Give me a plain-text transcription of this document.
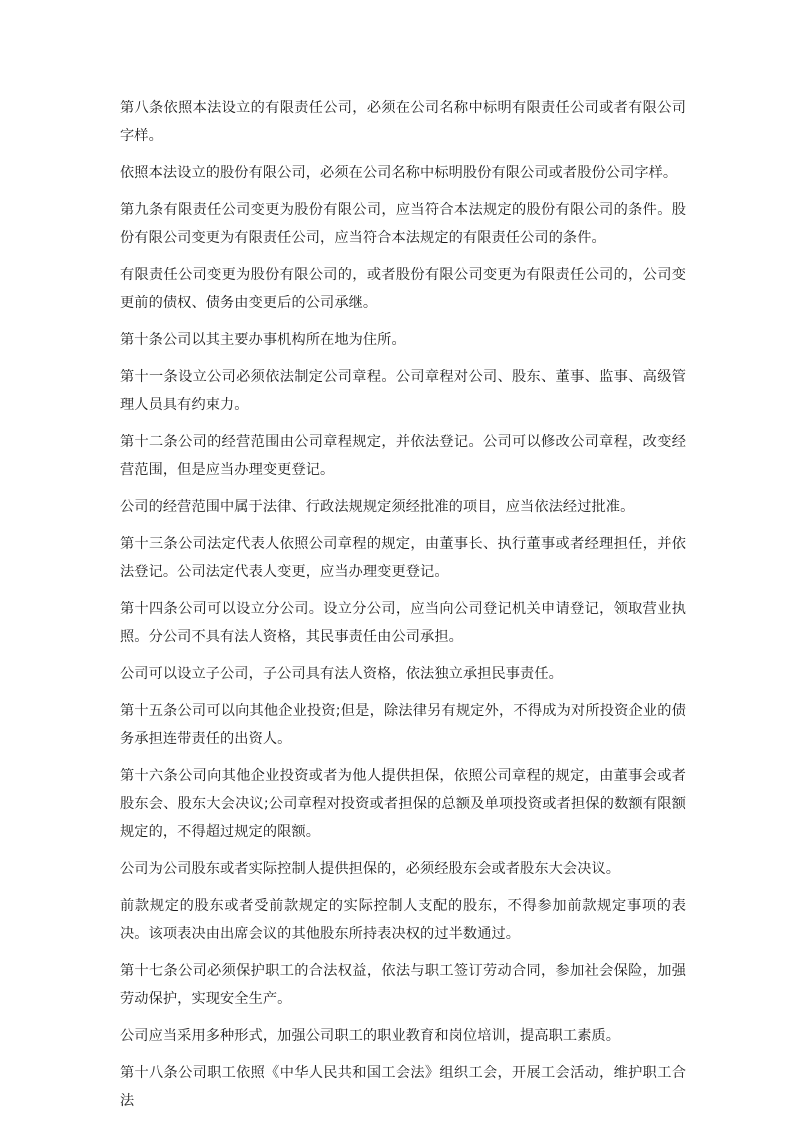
第八条依照本法设立的有限责任公司，必须在公司名称中标明有限责任公司或者有限公司字样。

依照本法设立的股份有限公司，必须在公司名称中标明股份有限公司或者股份公司字样。

第九条有限责任公司变更为股份有限公司，应当符合本法规定的股份有限公司的条件。股份有限公司变更为有限责任公司，应当符合本法规定的有限责任公司的条件。

有限责任公司变更为股份有限公司的，或者股份有限公司变更为有限责任公司的，公司变更前的债权、债务由变更后的公司承继。

第十条公司以其主要办事机构所在地为住所。

第十一条设立公司必须依法制定公司章程。公司章程对公司、股东、董事、监事、高级管理人员具有约束力。

第十二条公司的经营范围由公司章程规定，并依法登记。公司可以修改公司章程，改变经营范围，但是应当办理变更登记。

公司的经营范围中属于法律、行政法规规定须经批准的项目，应当依法经过批准。

第十三条公司法定代表人依照公司章程的规定，由董事长、执行董事或者经理担任，并依法登记。公司法定代表人变更，应当办理变更登记。

第十四条公司可以设立分公司。设立分公司，应当向公司登记机关申请登记，领取营业执照。分公司不具有法人资格，其民事责任由公司承担。

公司可以设立子公司，子公司具有法人资格，依法独立承担民事责任。

第十五条公司可以向其他企业投资;但是，除法律另有规定外，不得成为对所投资企业的债务承担连带责任的出资人。

第十六条公司向其他企业投资或者为他人提供担保，依照公司章程的规定，由董事会或者股东会、股东大会决议;公司章程对投资或者担保的总额及单项投资或者担保的数额有限额规定的，不得超过规定的限额。

公司为公司股东或者实际控制人提供担保的，必须经股东会或者股东大会决议。

前款规定的股东或者受前款规定的实际控制人支配的股东，不得参加前款规定事项的表决。该项表决由出席会议的其他股东所持表决权的过半数通过。

第十七条公司必须保护职工的合法权益，依法与职工签订劳动合同，参加社会保险，加强劳动保护，实现安全生产。

公司应当采用多种形式，加强公司职工的职业教育和岗位培训，提高职工素质。

第十八条公司职工依照《中华人民共和国工会法》组织工会，开展工会活动，维护职工合法
